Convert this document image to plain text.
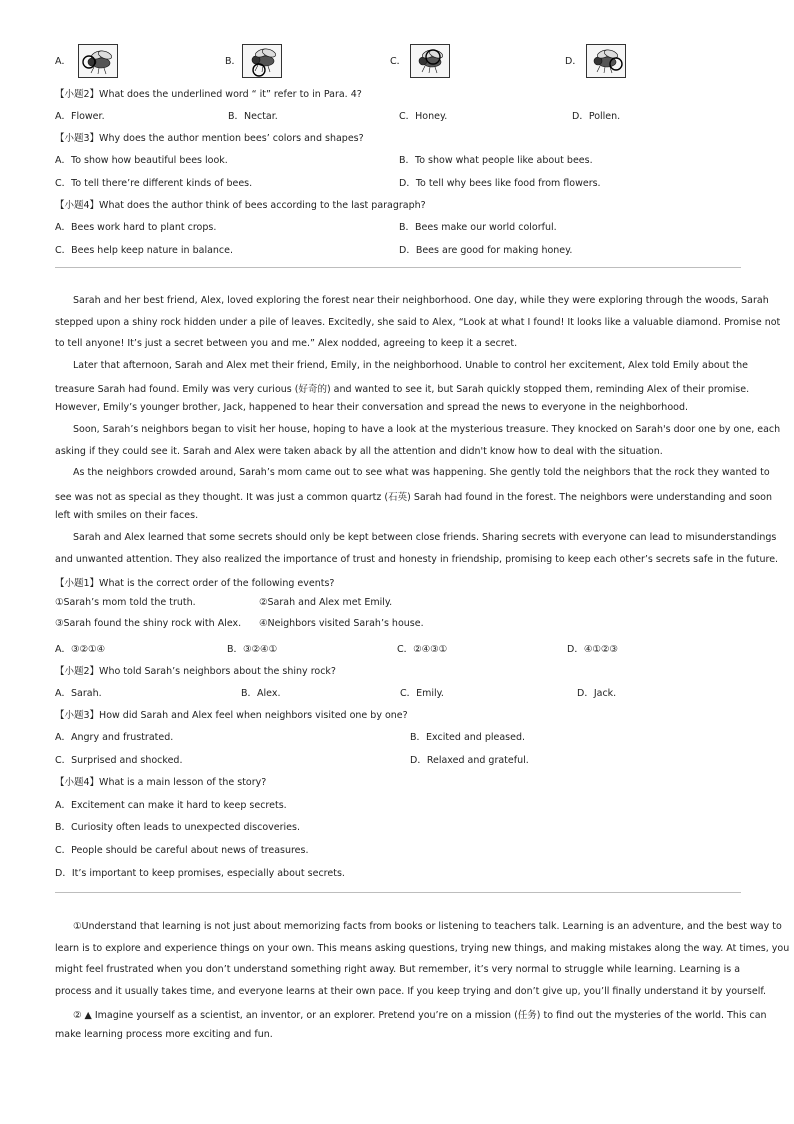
A．	B．	C．	D．
【小题2】What does the underlined word “ it” refer to in Para. 4?
A．Flower.	B．Nectar.	C．Honey.	D．Pollen.
【小题3】Why does the author mention bees’ colors and shapes?
A．To show how beautiful bees look.	B．To show what people like about bees.
C．To tell there’re different kinds of bees.	D．To tell why bees like food from flowers.
【小题4】What does the author think of bees according to the last paragraph?
A．Bees work hard to plant crops.	B．Bees make our world colorful.
C．Bees help keep nature in balance.	D．Bees are good for making honey.
Sarah and her best friend, Alex, loved exploring the forest near their neighborhood. One day, while they were exploring through the woods, Sarah
stepped upon a shiny rock hidden under a pile of leaves. Excitedly, she said to Alex, “Look at what I found! It looks like a valuable diamond. Promise not
to tell anyone! It’s just a secret between you and me.” Alex nodded, agreeing to keep it a secret.
Later that afternoon, Sarah and Alex met their friend, Emily, in the neighborhood. Unable to control her excitement, Alex told Emily about the
treasure Sarah had found. Emily was very curious (好奇的) and wanted to see it, but Sarah quickly stopped them, reminding Alex of their promise.
However, Emily’s younger brother, Jack, happened to hear their conversation and spread the news to everyone in the neighborhood.
Soon, Sarah’s neighbors began to visit her house, hoping to have a look at the mysterious treasure. They knocked on Sarah's door one by one, each
asking if they could see it. Sarah and Alex were taken aback by all the attention and didn't know how to deal with the situation.
As the neighbors crowded around, Sarah’s mom came out to see what was happening. She gently told the neighbors that the rock they wanted to
see was not as special as they thought. It was just a common quartz (石英) Sarah had found in the forest. The neighbors were understanding and soon
left with smiles on their faces.
Sarah and Alex learned that some secrets should only be kept between close friends. Sharing secrets with everyone can lead to misunderstandings
and unwanted attention. They also realized the importance of trust and honesty in friendship, promising to keep each other’s secrets safe in the future.
【小题1】What is the correct order of the following events?
①Sarah’s mom told the truth.	②Sarah and Alex met Emily.
③Sarah found the shiny rock with Alex. ④Neighbors visited Sarah’s house.
A．③②①④	B．③②④①	C．②④③①	D．④①②③
【小题2】Who told Sarah’s neighbors about the shiny rock?
A．Sarah.	B．Alex.	C．Emily.	D．Jack.
【小题3】How did Sarah and Alex feel when neighbors visited one by one?
A．Angry and frustrated.	B．Excited and pleased.
C．Surprised and shocked.	D．Relaxed and grateful.
【小题4】What is a main lesson of the story?
A．Excitement can make it hard to keep secrets.
B．Curiosity often leads to unexpected discoveries.
C．People should be careful about news of treasures.
D．It’s important to keep promises, especially about secrets.
①Understand that learning is not just about memorizing facts from books or listening to teachers talk. Learning is an adventure, and the best way to
learn is to explore and experience things on your own. This means asking questions, trying new things, and making mistakes along the way. At times, you
might feel frustrated when you don’t understand something right away. But remember, it’s very normal to struggle while learning. Learning is a
process and it usually takes time, and everyone learns at their own pace. If you keep trying and don’t give up, you’ll finally understand it by yourself.
② ▲ Imagine yourself as a scientist, an inventor, or an explorer. Pretend you’re on a mission (任务) to find out the mysteries of the world. This can
make learning process more exciting and fun.
